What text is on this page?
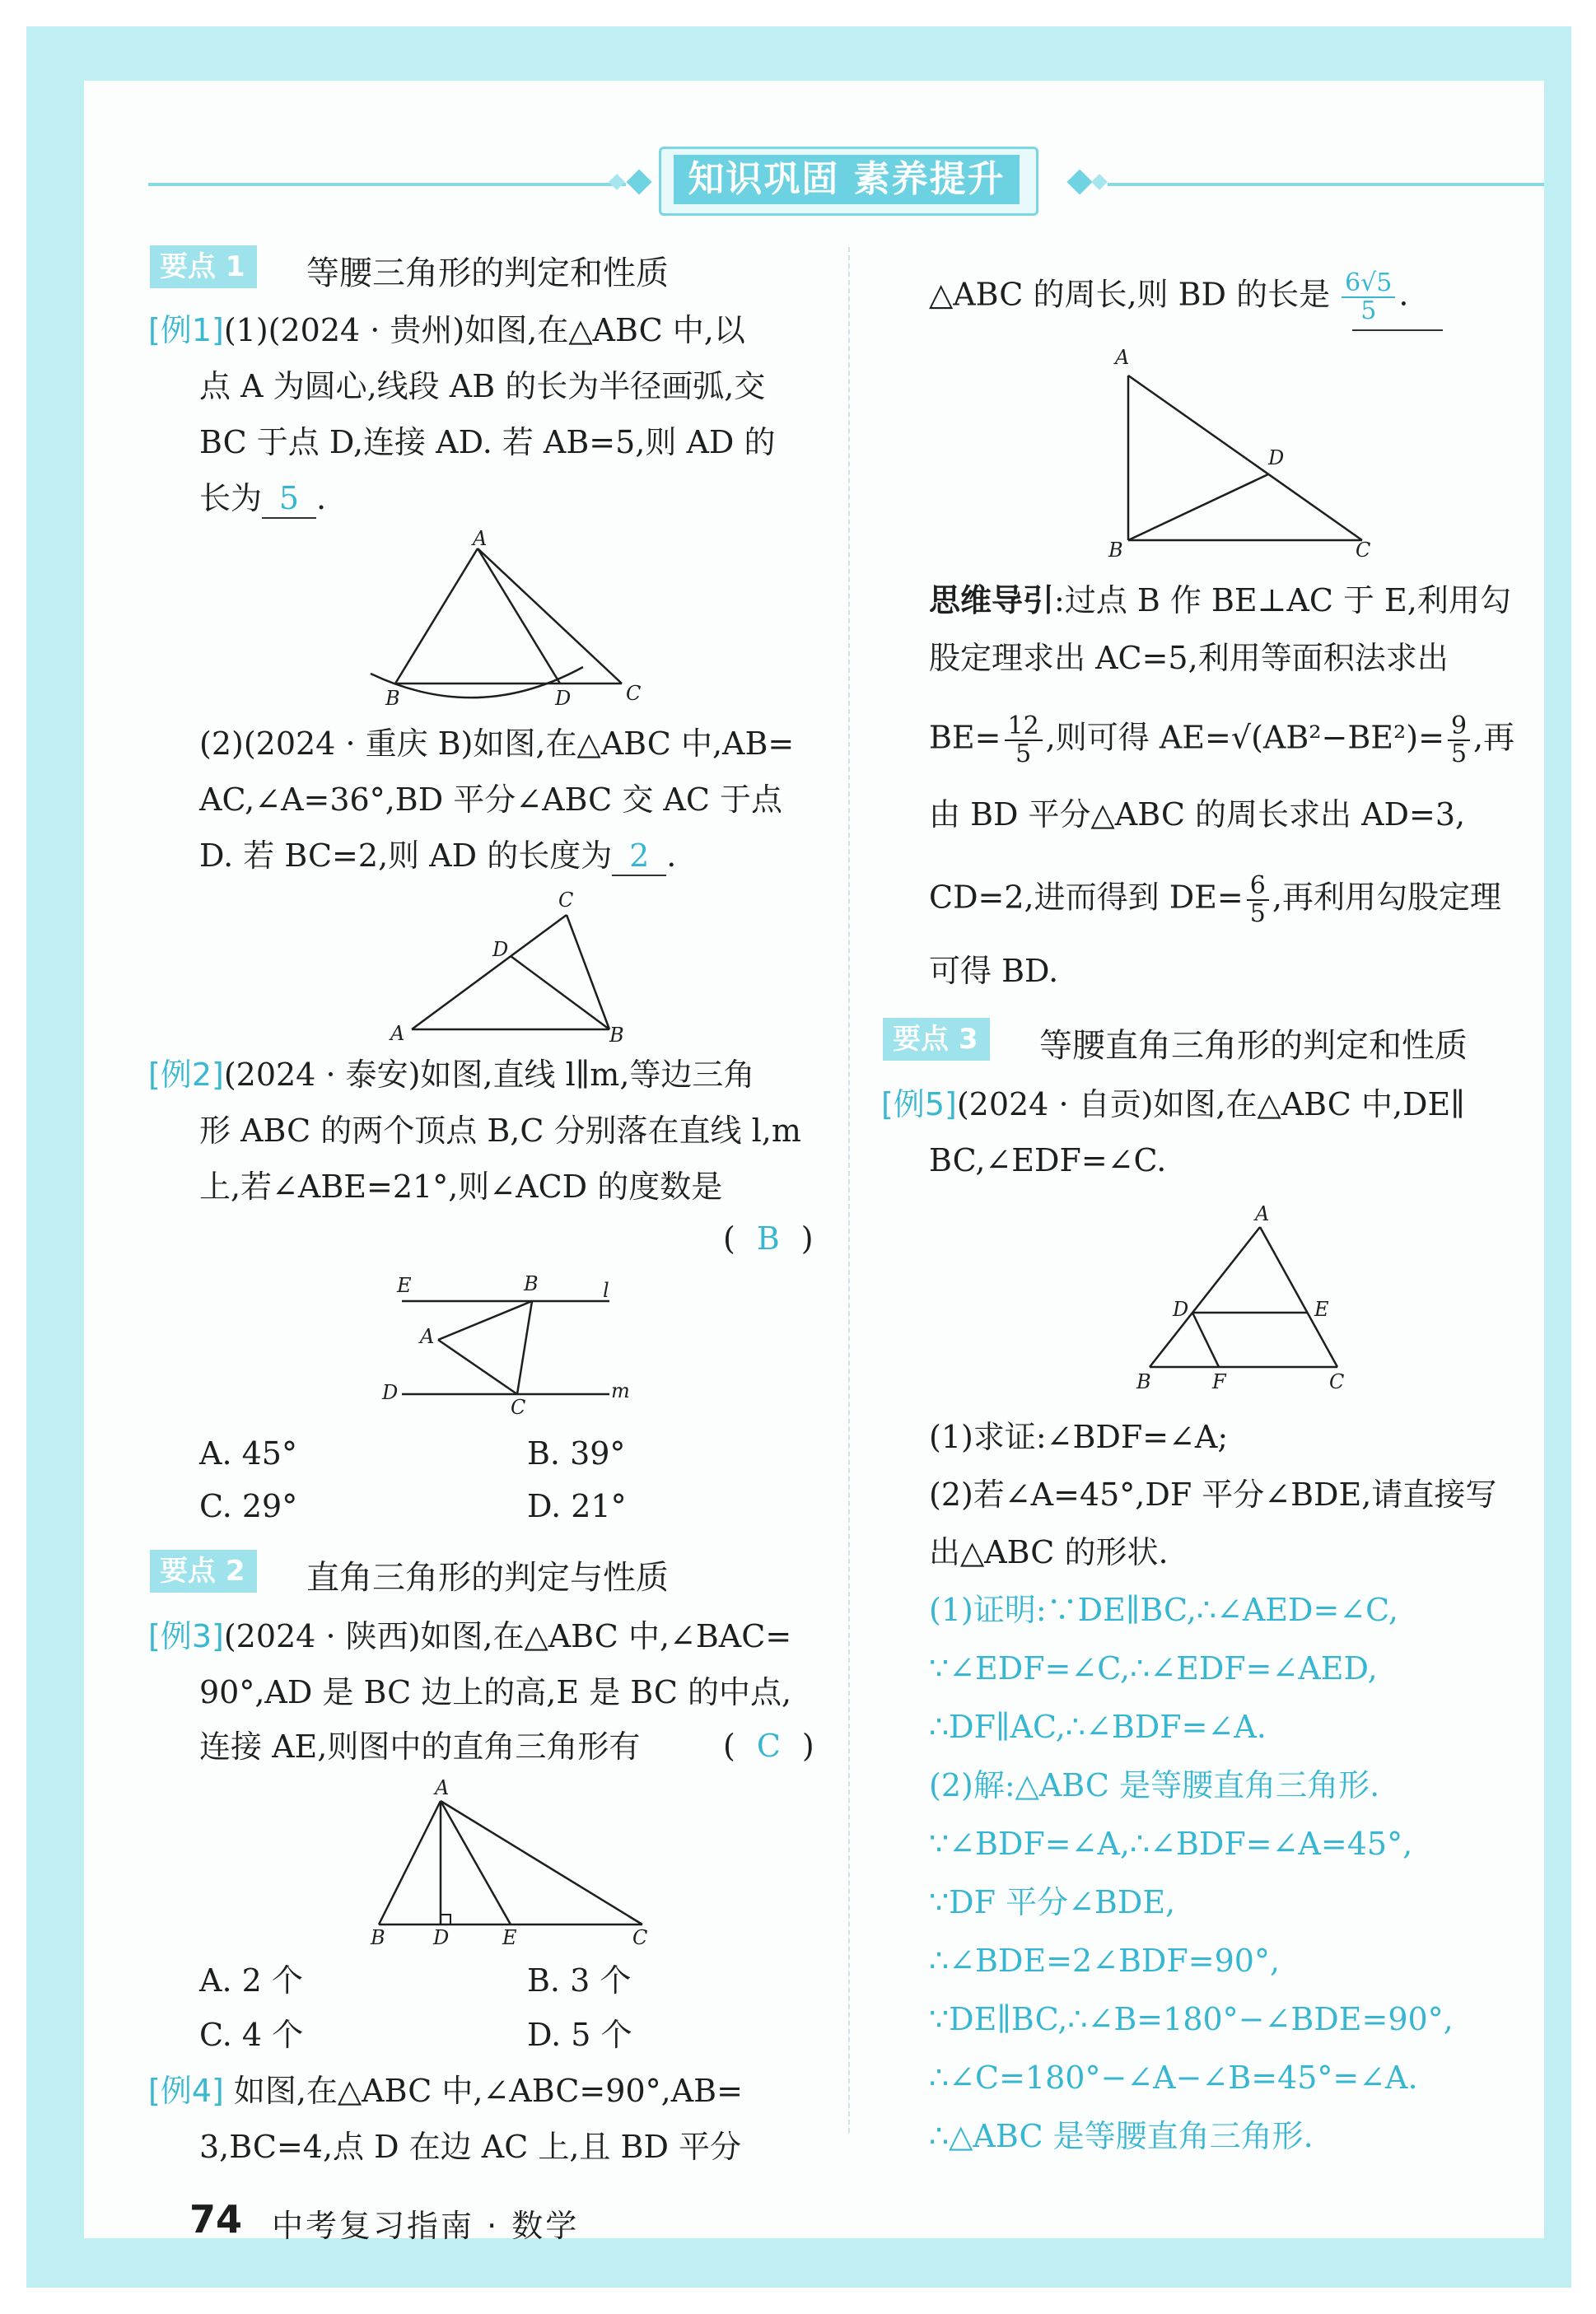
知识巩固 素养提升
要点 1	等腰三角形的判定和性质
[例1](1)(2024 · 贵州)如图,在△ABC 中,以
点 A 为圆心,线段 AB 的长为半径画弧,交
BC 于点 D,连接 AD. 若 AB=5,则 AD 的
长为 5 .
A
B	D	C
(2)(2024 · 重庆 B)如图,在△ABC 中,AB=
AC,∠A=36°,BD 平分∠ABC 交 AC 于点
D. 若 BC=2,则 AD 的长度为 2 .
C
D
A	B
[例2](2024 · 泰安)如图,直线 l∥m,等边三角
形 ABC 的两个顶点 B,C 分别落在直线 l,m
上,若∠ABE=21°,则∠ACD 的度数是
( B )
E	B	l
A
D
C
m
A. 45°	B. 39°
C. 29°	D. 21°
要点 2	直角三角形的判定与性质
[例3](2024 · 陕西)如图,在△ABC 中,∠BAC=
90°,AD 是 BC 边上的高,E 是 BC 的中点,
连接 AE,则图中的直角三角形有	( C )
A
B D	E	C
A. 2 个	B. 3 个
C. 4 个	D. 5 个
[例4] 如图,在△ABC 中,∠ABC=90°,AB=
3,BC=4,点 D 在边 AC 上,且 BD 平分
△ABC 的周长,则 BD 的长是 $\frac{6√5}{5}$ .
A
D
B	C
思维导引:过点 B 作 BE⊥AC 于 E,利用勾
股定理求出 AC=5,利用等面积法求出
$BE= \frac{12}{5}$ ,则可得 $AE=√(AB^2-BE^2)= \frac{9}{5}$ ,再
由 BD 平分△ABC 的周长求出 AD=3,
CD=2,进而得到 $DE= \frac{6}{5}$ ,再利用勾股定理
可得 BD.
要点 3	等腰直角三角形的判定和性质
[例5](2024 · 自贡)如图,在△ABC 中,DE∥
BC,∠EDF=∠C.
A
D	E
B	F	C
(1)求证:∠BDF=∠A;
(2)若∠A=45°,DF 平分∠BDE,请直接写
出△ABC 的形状.
(1)证明:∵DE∥BC,∴∠AED=∠C,
∵∠EDF=∠C,∴∠EDF=∠AED,
∴DF∥AC,∴∠BDF=∠A.
(2)解:△ABC 是等腰直角三角形.
∵∠BDF=∠A,∴∠BDF=∠A=45°,
∵DF 平分∠BDE,
∴∠BDE=2∠BDF=90°,
∵DE∥BC,∴∠B=180°−∠BDE=90°,
∴∠C=180°−∠A−∠B=45°=∠A.
∴△ABC 是等腰直角三角形.
74 中考复习指南 · 数学
